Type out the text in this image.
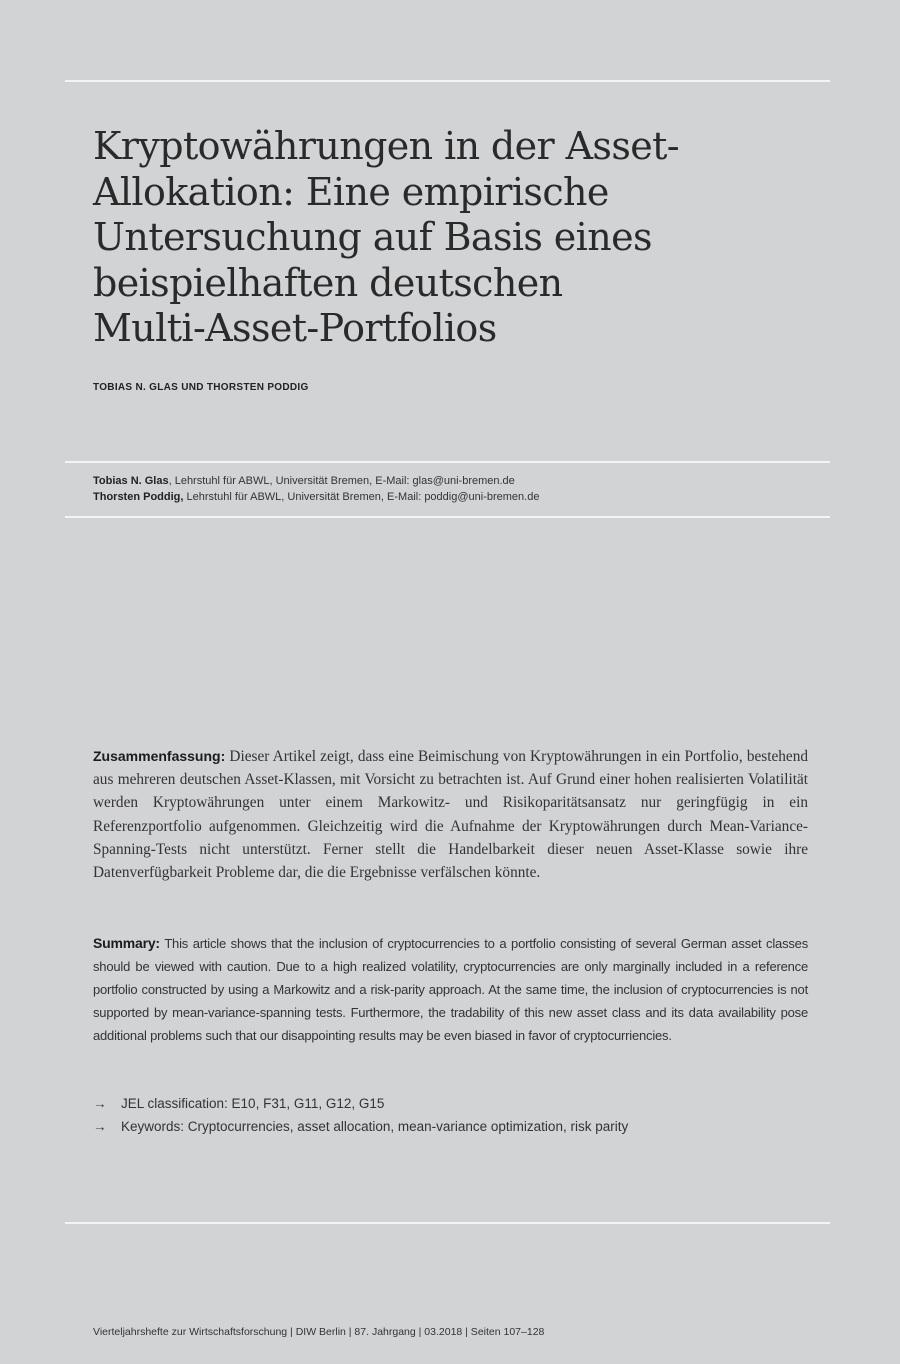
Kryptowährungen in der Asset-
Allokation: Eine empirische
Untersuchung auf Basis eines
beispielhaften deutschen
Multi-Asset-Portfolios
TOBIAS N. GLAS UND THORSTEN PODDIG
Tobias N. Glas, Lehrstuhl für ABWL, Universität Bremen, E-Mail: glas@uni-bremen.de
Thorsten Poddig, Lehrstuhl für ABWL, Universität Bremen, E-Mail: poddig@uni-bremen.de

Zusammenfassung: Dieser Artikel zeigt, dass eine Beimischung von Kryptowährungen in ein Portfolio, bestehend aus mehreren deutschen Asset-Klassen, mit Vorsicht zu betrachten ist. Auf Grund einer hohen realisierten Volatilität werden Kryptowährungen unter einem Markowitz- und Risikoparitätsansatz nur geringfügig in ein Referenzportfolio aufgenommen. Gleichzeitig wird die Aufnahme der Kryptowährungen durch Mean-Variance-Spanning-Tests nicht unterstützt. Ferner stellt die Handelbarkeit dieser neuen Asset-Klasse sowie ihre Datenverfügbarkeit Probleme dar, die die Ergebnisse verfälschen könnte.

Summary: This article shows that the inclusion of cryptocurrencies to a portfolio consisting of several German asset classes should be viewed with caution. Due to a high realized volatility, cryptocurrencies are only marginally included in a reference portfolio constructed by using a Markowitz and a risk-parity approach. At the same time, the inclusion of cryptocurrencies is not supported by mean-variance-spanning tests. Furthermore, the tradability of this new asset class and its data availability pose additional problems such that our disappointing results may be even biased in favor of cryptocurriencies.

→ JEL classification: E10, F31, G11, G12, G15
→ Keywords: Cryptocurrencies, asset allocation, mean-variance optimization, risk parity
Vierteljahrshefte zur Wirtschaftsforschung | DIW Berlin | 87. Jahrgang | 03.2018 | Seiten 107–128
